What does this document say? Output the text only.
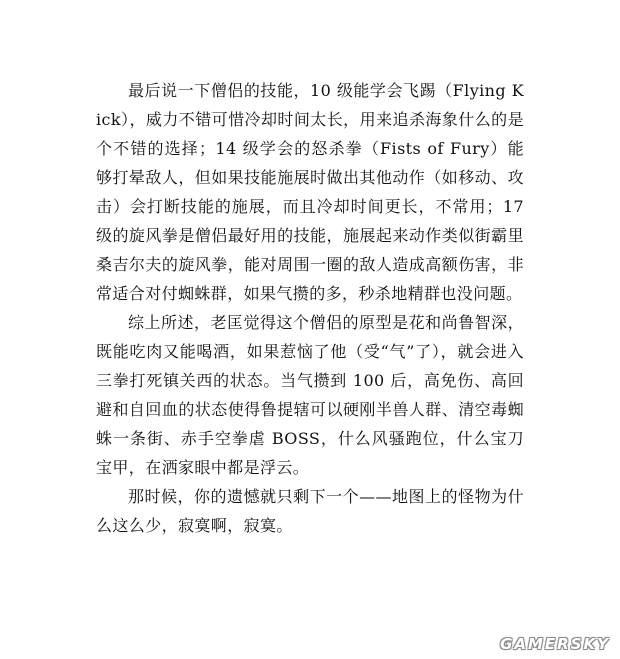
最后说一下僧侣的技能，10 级能学会飞踢（Flying Kick），威力不错可惜冷却时间太长，用来追杀海象什么的是个不错的选择；14 级学会的怒杀拳（Fists of Fury）能够打晕敌人，但如果技能施展时做出其他动作（如移动、攻击）会打断技能的施展，而且冷却时间更长，不常用；17 级的旋风拳是僧侣最好用的技能，施展起来动作类似街霸里桑吉尔夫的旋风拳，能对周围一圈的敌人造成高额伤害，非常适合对付蜘蛛群，如果气攒的多，秒杀地精群也没问题。

综上所述，老匡觉得这个僧侣的原型是花和尚鲁智深，既能吃肉又能喝酒，如果惹恼了他（受“气”了），就会进入三拳打死镇关西的状态。当气攒到 100 后，高免伤、高回避和自回血的状态使得鲁提辖可以硬刚半兽人群、清空毒蜘蛛一条街、赤手空拳虐 BOSS，什么风骚跑位，什么宝刀宝甲，在洒家眼中都是浮云。

那时候，你的遗憾就只剩下一个——地图上的怪物为什么这么少，寂寞啊，寂寞。

GAMERSKY
